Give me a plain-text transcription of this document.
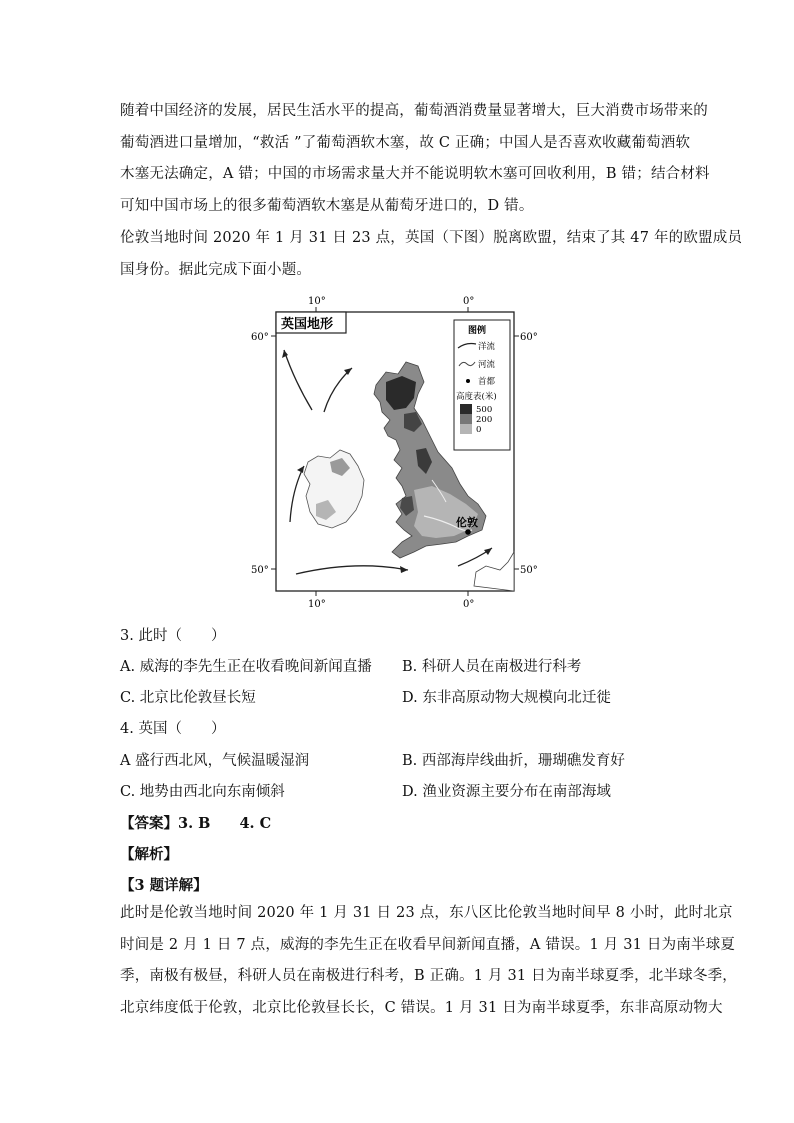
随着中国经济的发展，居民生活水平的提高，葡萄酒消费量显著增大，巨大消费市场带来的
葡萄酒进口量增加，“救活 ”了葡萄酒软木塞，故 C 正确；中国人是否喜欢收藏葡萄酒软
木塞无法确定，A 错；中国的市场需求量大并不能说明软木塞可回收利用，B 错；结合材料
可知中国市场上的很多葡萄酒软木塞是从葡萄牙进口的，D 错。

伦敦当地时间 2020 年 1 月 31 日 23 点，英国（下图）脱离欧盟，结束了其 47 年的欧盟成员
国身份。据此完成下面小题。

10°	0°
10°	0°
60°	60°
50°	50°
英国地形
伦敦
图例
洋流
河流
首都
高度表(米)
500
200
0
3. 此时（　　）
A. 威海的李先生正在收看晚间新闻直播 B. 科研人员在南极进行科考
C. 北京比伦敦昼长短	D. 东非高原动物大规模向北迁徙
4. 英国（　　）
A 盛行西北风，气候温暖湿润	B. 西部海岸线曲折，珊瑚礁发育好
C. 地势由西北向东南倾斜	D. 渔业资源主要分布在南部海域
【答案】3. B　　4. C
【解析】
【3 题详解】

此时是伦敦当地时间 2020 年 1 月 31 日 23 点，东八区比伦敦当地时间早 8 小时，此时北京
时间是 2 月 1 日 7 点，威海的李先生正在收看早间新闻直播，A 错误。1 月 31 日为南半球夏
季，南极有极昼，科研人员在南极进行科考，B 正确。1 月 31 日为南半球夏季，北半球冬季，
北京纬度低于伦敦，北京比伦敦昼长长，C 错误。1 月 31 日为南半球夏季，东非高原动物大
